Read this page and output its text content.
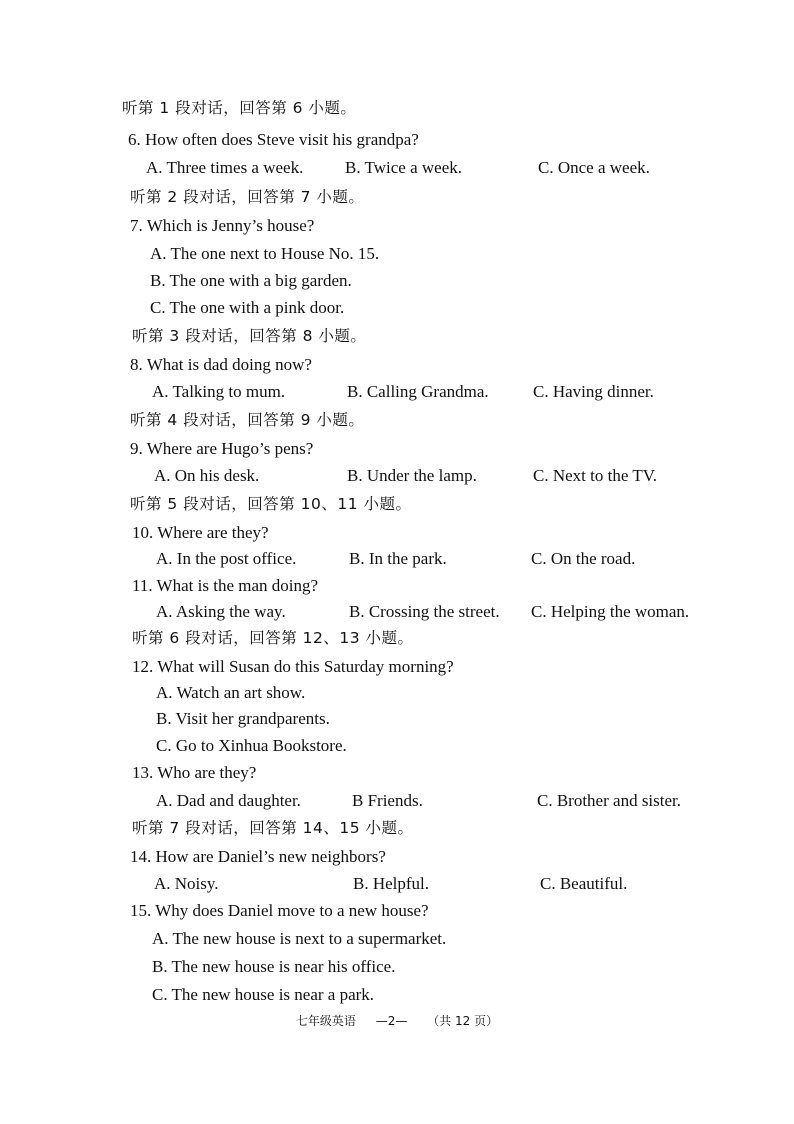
听第 1 段对话，回答第 6 小题。
6. How often does Steve visit his grandpa?
A. Three times a week. B. Twice a week.	C. Once a week.
听第 2 段对话，回答第 7 小题。
7. Which is Jenny’s house?
A. The one next to House No. 15.
B. The one with a big garden.
C. The one with a pink door.
听第 3 段对话，回答第 8 小题。
8. What is dad doing now?
A. Talking to mum.	B. Calling Grandma.	C. Having dinner.
听第 4 段对话，回答第 9 小题。
9. Where are Hugo’s pens?
A. On his desk.	B. Under the lamp.	C. Next to the TV.
听第 5 段对话，回答第 10、11 小题。
10. Where are they?
A. In the post office.	B. In the park.	C. On the road.
11. What is the man doing?
A. Asking the way.	B. Crossing the street. C. Helping the woman.
听第 6 段对话，回答第 12、13 小题。
12. What will Susan do this Saturday morning?
A. Watch an art show.
B. Visit her grandparents.
C. Go to Xinhua Bookstore.
13. Who are they?
A. Dad and daughter.	B Friends.	C. Brother and sister.
听第 7 段对话，回答第 14、15 小题。
14. How are Daniel’s new neighbors?
A. Noisy.	B. Helpful.	C. Beautiful.
15. Why does Daniel move to a new house?
A. The new house is next to a supermarket.
B. The new house is near his office.
C. The new house is near a park.
七年级英语 —2— （共 12 页）
